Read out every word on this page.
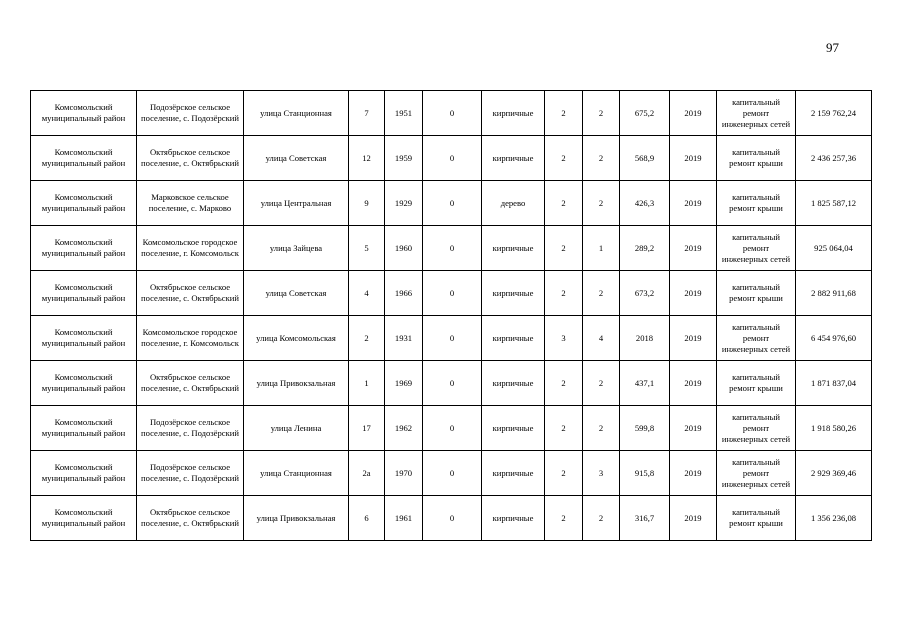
97
Комсомольский муниципальный район	Подозёрское сельское поселение, с. Подозёрский	улица Станционная	7	1951	0	кирпичные	2	2	675,2	2019	капитальный ремонт инженерных сетей	2 159 762,24
Комсомольский муниципальный район	Октябрьское сельское поселение, с. Октябрьский	улица Советская	12	1959	0	кирпичные	2	2	568,9	2019	капитальный ремонт крыши	2 436 257,36
Комсомольский муниципальный район	Марковское сельское поселение, с. Марково	улица Центральная	9	1929	0	дерево	2	2	426,3	2019	капитальный ремонт крыши	1 825 587,12
Комсомольский муниципальный район	Комсомольское городское поселение, г. Комсомольск	улица Зайцева	5	1960	0	кирпичные	2	1	289,2	2019	капитальный ремонт инженерных сетей	925 064,04
Комсомольский муниципальный район	Октябрьское сельское поселение, с. Октябрьский	улица Советская	4	1966	0	кирпичные	2	2	673,2	2019	капитальный ремонт крыши	2 882 911,68
Комсомольский муниципальный район	Комсомольское городское поселение, г. Комсомольск	улица Комсомольская	2	1931	0	кирпичные	3	4	2018	2019	капитальный ремонт инженерных сетей	6 454 976,60
Комсомольский муниципальный район	Октябрьское сельское поселение, с. Октябрьский	улица Привокзальная	1	1969	0	кирпичные	2	2	437,1	2019	капитальный ремонт крыши	1 871 837,04
Комсомольский муниципальный район	Подозёрское сельское поселение, с. Подозёрский	улица Ленина	17	1962	0	кирпичные	2	2	599,8	2019	капитальный ремонт инженерных сетей	1 918 580,26
Комсомольский муниципальный район	Подозёрское сельское поселение, с. Подозёрский	улица Станционная	2а	1970	0	кирпичные	2	3	915,8	2019	капитальный ремонт инженерных сетей	2 929 369,46
Комсомольский муниципальный район	Октябрьское сельское поселение, с. Октябрьский	улица Привокзальная	6	1961	0	кирпичные	2	2	316,7	2019	капитальный ремонт крыши	1 356 236,08
